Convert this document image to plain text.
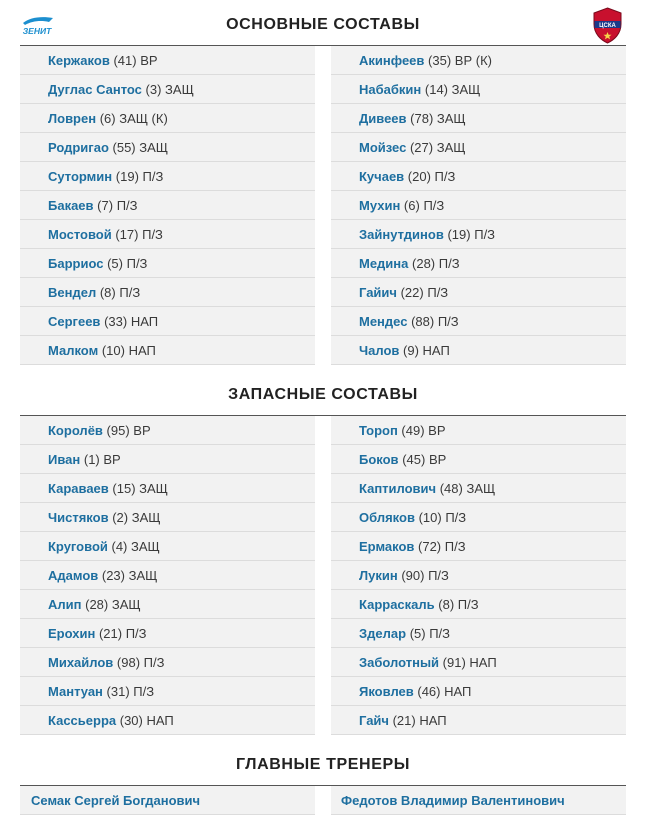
ЗЕНИТ
ЦСКА
ОСНОВНЫЕ СОСТАВЫ
Кержаков (41) ВР
Дуглас Сантос (3) ЗАЩ
Ловрен (6) ЗАЩ (К)
Родригао (55) ЗАЩ
Сутормин (19) П/З
Бакаев (7) П/З
Мостовой (17) П/З
Барриос (5) П/З
Вендел (8) П/З
Сергеев (33) НАП
Малком (10) НАП
Акинфеев (35) ВР (К)
Набабкин (14) ЗАЩ
Дивеев (78) ЗАЩ
Мойзес (27) ЗАЩ
Кучаев (20) П/З
Мухин (6) П/З
Зайнутдинов (19) П/З
Медина (28) П/З
Гайич (22) П/З
Мендес (88) П/З
Чалов (9) НАП
ЗАПАСНЫЕ СОСТАВЫ
Королёв (95) ВР
Иван (1) ВР
Караваев (15) ЗАЩ
Чистяков (2) ЗАЩ
Круговой (4) ЗАЩ
Адамов (23) ЗАЩ
Алип (28) ЗАЩ
Ерохин (21) П/З
Михайлов (98) П/З
Мантуан (31) П/З
Кассьерра (30) НАП
Тороп (49) ВР
Боков (45) ВР
Каптилович (48) ЗАЩ
Обляков (10) П/З
Ермаков (72) П/З
Лукин (90) П/З
Карраскаль (8) П/З
Зделар (5) П/З
Заболотный (91) НАП
Яковлев (46) НАП
Гайч (21) НАП
ГЛАВНЫЕ ТРЕНЕРЫ
Семак Сергей Богданович	Федотов Владимир Валентинович
